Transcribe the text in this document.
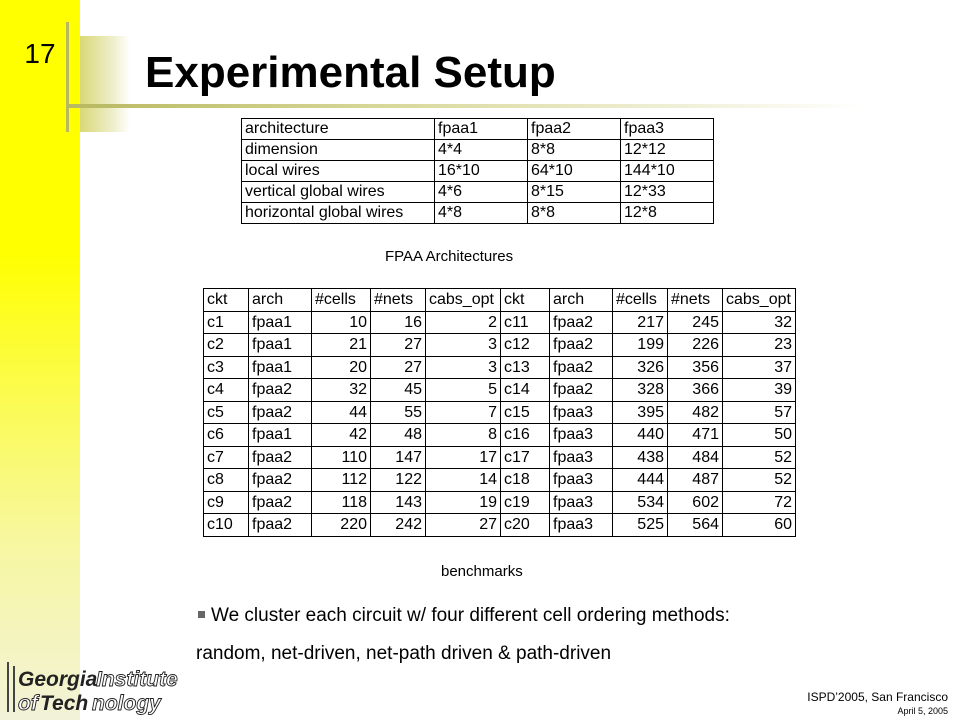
17	Experimental Setup
architecture	fpaa1	fpaa2	fpaa3
dimension	4*4	8*8	12*12
local wires	16*10	64*10	144*10
vertical global wires	4*6	8*15	12*33
horizontal global wires	4*8	8*8	12*8
FPAA Architectures
ckt	arch	#cells	#nets	cabs_opt	ckt	arch	#cells	#nets	cabs_opt
c1	fpaa1	10	16	2	c11	fpaa2	217	245	32
c2	fpaa1	21	27	3	c12	fpaa2	199	226	23
c3	fpaa1	20	27	3	c13	fpaa2	326	356	37
c4	fpaa2	32	45	5	c14	fpaa2	328	366	39
c5	fpaa2	44	55	7	c15	fpaa3	395	482	57
c6	fpaa1	42	48	8	c16	fpaa3	440	471	50
c7	fpaa2	110	147	17	c17	fpaa3	438	484	52
c8	fpaa2	112	122	14	c18	fpaa3	444	487	52
c9	fpaa2	118	143	19	c19	fpaa3	534	602	72
c10	fpaa2	220	242	27	c20	fpaa3	525	564	60
benchmarks
We cluster each circuit w/ four different cell ordering methods:
random, net-driven, net-path driven & path-driven
Georgia
Institute
of Tech nology	ISPD’2005, San Francisco
April 5, 2005
